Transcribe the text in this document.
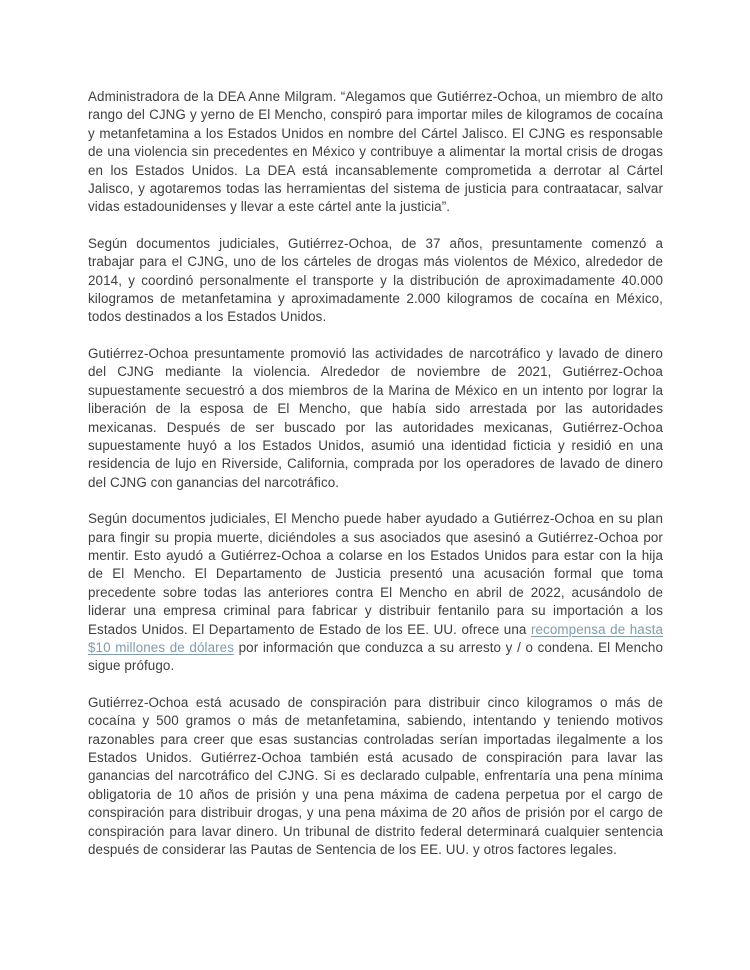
Administradora de la DEA Anne Milgram. “Alegamos que Gutiérrez-Ochoa, un miembro de alto rango del CJNG y yerno de El Mencho, conspiró para importar miles de kilogramos de cocaína y metanfetamina a los Estados Unidos en nombre del Cártel Jalisco. El CJNG es responsable de una violencia sin precedentes en México y contribuye a alimentar la mortal crisis de drogas en los Estados Unidos. La DEA está incansablemente comprometida a derrotar al Cártel Jalisco, y agotaremos todas las herramientas del sistema de justicia para contraatacar, salvar vidas estadounidenses y llevar a este cártel ante la justicia”.

Según documentos judiciales, Gutiérrez-Ochoa, de 37 años, presuntamente comenzó a trabajar para el CJNG, uno de los cárteles de drogas más violentos de México, alrededor de 2014, y coordinó personalmente el transporte y la distribución de aproximadamente 40.000 kilogramos de metanfetamina y aproximadamente 2.000 kilogramos de cocaína en México, todos destinados a los Estados Unidos.

Gutiérrez-Ochoa presuntamente promovió las actividades de narcotráfico y lavado de dinero del CJNG mediante la violencia. Alrededor de noviembre de 2021, Gutiérrez-Ochoa supuestamente secuestró a dos miembros de la Marina de México en un intento por lograr la liberación de la esposa de El Mencho, que había sido arrestada por las autoridades mexicanas. Después de ser buscado por las autoridades mexicanas, Gutiérrez-Ochoa supuestamente huyó a los Estados Unidos, asumió una identidad ficticia y residió en una residencia de lujo en Riverside, California, comprada por los operadores de lavado de dinero del CJNG con ganancias del narcotráfico.

Según documentos judiciales, El Mencho puede haber ayudado a Gutiérrez-Ochoa en su plan para fingir su propia muerte, diciéndoles a sus asociados que asesinó a Gutiérrez-Ochoa por mentir. Esto ayudó a Gutiérrez-Ochoa a colarse en los Estados Unidos para estar con la hija de El Mencho. El Departamento de Justicia presentó una acusación formal que toma precedente sobre todas las anteriores contra El Mencho en abril de 2022, acusándolo de liderar una empresa criminal para fabricar y distribuir fentanilo para su importación a los Estados Unidos. El Departamento de Estado de los EE. UU. ofrece una recompensa de hasta $10 millones de dólares por información que conduzca a su arresto y / o condena. El Mencho sigue prófugo.

Gutiérrez-Ochoa está acusado de conspiración para distribuir cinco kilogramos o más de cocaína y 500 gramos o más de metanfetamina, sabiendo, intentando y teniendo motivos razonables para creer que esas sustancias controladas serían importadas ilegalmente a los Estados Unidos. Gutiérrez-Ochoa también está acusado de conspiración para lavar las ganancias del narcotráfico del CJNG. Si es declarado culpable, enfrentaría una pena mínima obligatoria de 10 años de prisión y una pena máxima de cadena perpetua por el cargo de conspiración para distribuir drogas, y una pena máxima de 20 años de prisión por el cargo de conspiración para lavar dinero. Un tribunal de distrito federal determinará cualquier sentencia después de considerar las Pautas de Sentencia de los EE. UU. y otros factores legales.
